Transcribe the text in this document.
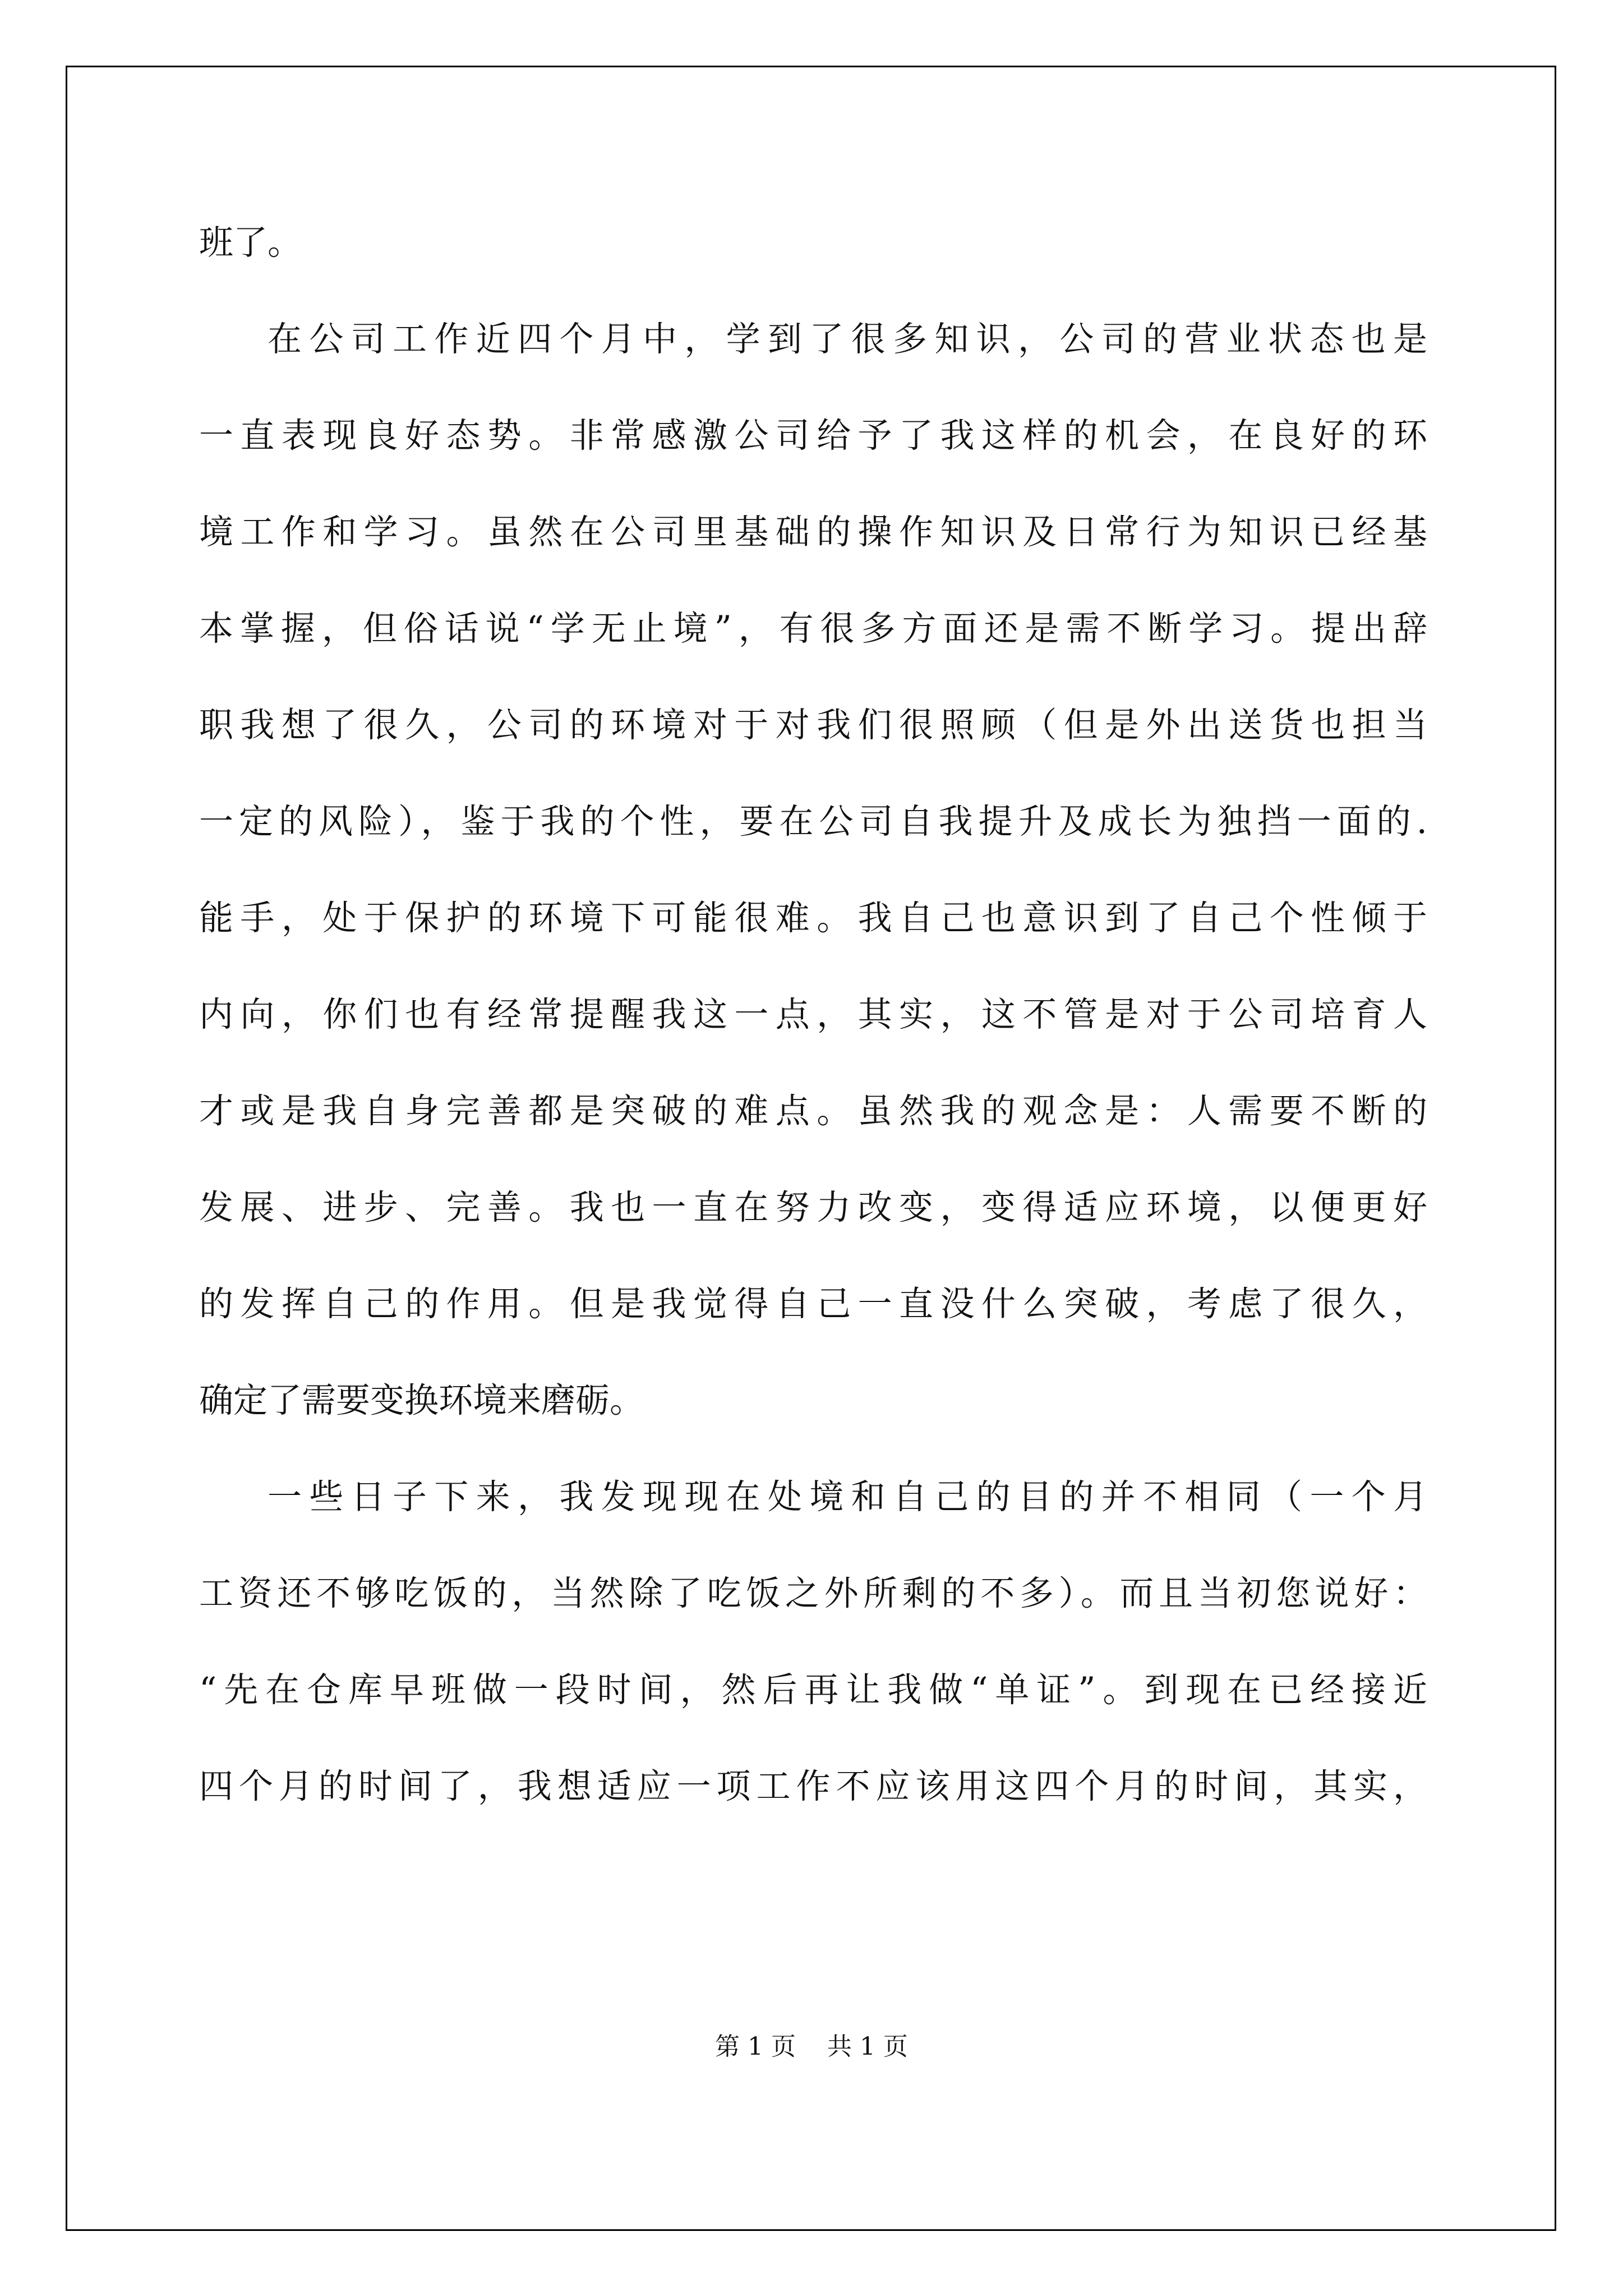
班了。
在公司工作近四个月中，学到了很多知识，公司的营业状态也是
一直表现良好态势。非常感激公司给予了我这样的机会，在良好的环
境工作和学习。虽然在公司里基础的操作知识及日常行为知识已经基
本掌握，但俗话说“学无止境”，有很多方面还是需不断学习。提出辞
职我想了很久，公司的环境对于对我们很照顾（但是外出送货也担当
一定的风险），鉴于我的个性，要在公司自我提升及成长为独挡一面的.
能手，处于保护的环境下可能很难。我自己也意识到了自己个性倾于
内向，你们也有经常提醒我这一点，其实，这不管是对于公司培育人
才或是我自身完善都是突破的难点。虽然我的观念是：人需要不断的
发展、进步、完善。我也一直在努力改变，变得适应环境，以便更好
的发挥自己的作用。但是我觉得自己一直没什么突破，考虑了很久，
确定了需要变换环境来磨砺。
一些日子下来，我发现现在处境和自己的目的并不相同（一个月
工资还不够吃饭的，当然除了吃饭之外所剩的不多）。而且当初您说好：
“先在仓库早班做一段时间，然后再让我做“单证”。到现在已经接近
四个月的时间了，我想适应一项工作不应该用这四个月的时间，其实，
第 1 页    共 1 页
